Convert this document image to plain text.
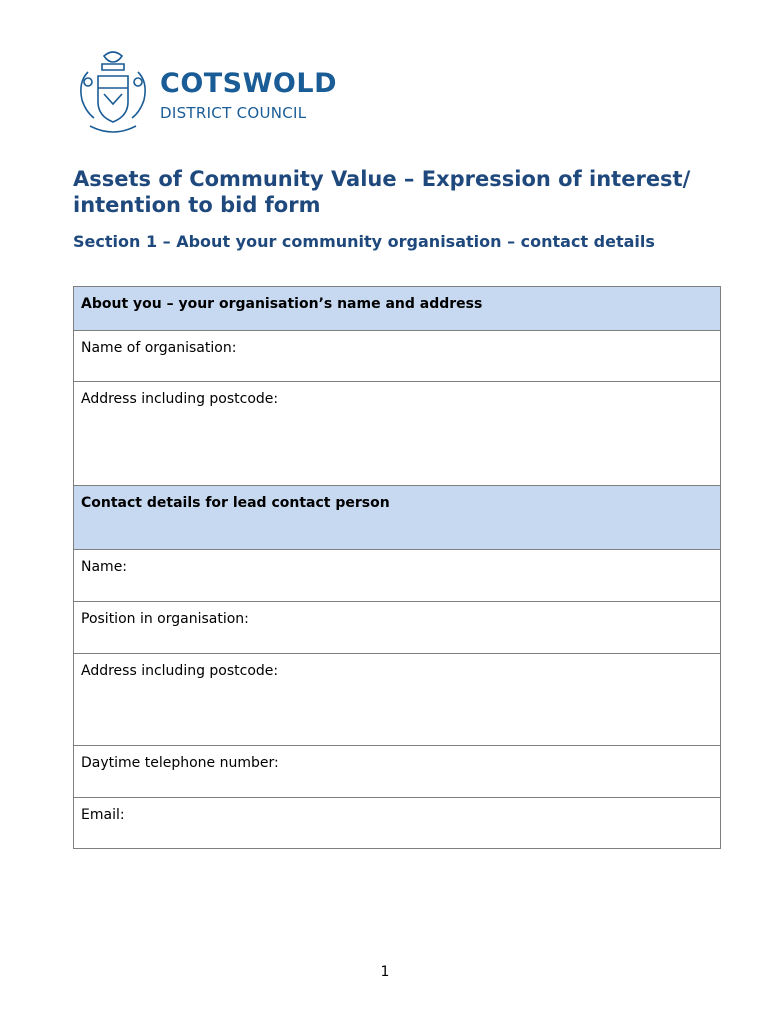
COTSWOLD
DISTRICT COUNCIL
Assets of Community Value – Expression of interest/ intention to bid form
Section 1 – About your community organisation – contact details
About you – your organisation’s name and address
Name of organisation:
Address including postcode:
Contact details for lead contact person
Name:
Position in organisation:
Address including postcode:
Daytime telephone number:
Email:
1
